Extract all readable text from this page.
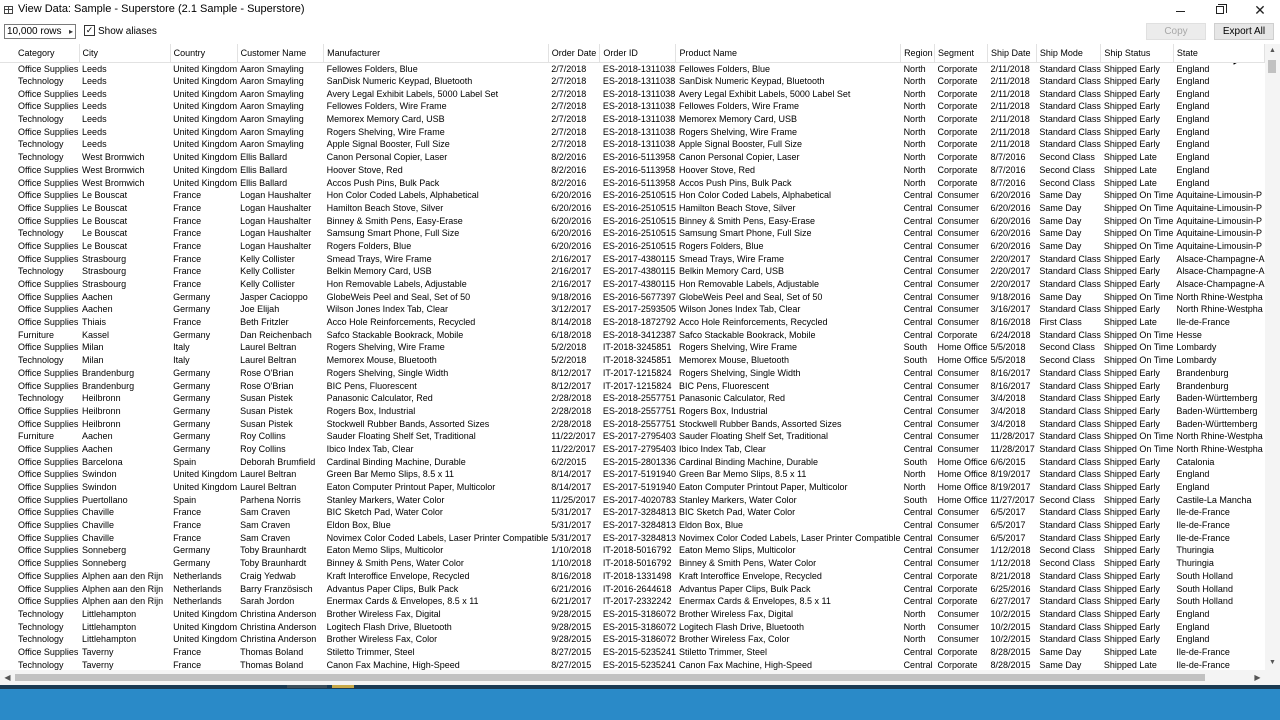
View Data: Sample - Superstore (2.1 Sample - Superstore)	✕
10,000 rows ▸ ✓ Show aliases	Copy	Export All
Category	City	Country	Customer Name	Manufacturer	Order Date	Order ID	Product Name	Region	Segment	Ship Date	Ship Mode	Ship Status	State
Office Supplies	Leeds	United Kingdom	Aaron Smayling	Fellowes Folders, Blue	2/7/2018	ES-2018-1311038	Fellowes Folders, Blue	North	Corporate	2/11/2018	Standard Class	Shipped Early	England
Technology	Leeds	United Kingdom	Aaron Smayling	SanDisk Numeric Keypad, Bluetooth	2/7/2018	ES-2018-1311038	SanDisk Numeric Keypad, Bluetooth	North	Corporate	2/11/2018	Standard Class	Shipped Early	England
Office Supplies	Leeds	United Kingdom	Aaron Smayling	Avery Legal Exhibit Labels, 5000 Label Set	2/7/2018	ES-2018-1311038	Avery Legal Exhibit Labels, 5000 Label Set	North	Corporate	2/11/2018	Standard Class	Shipped Early	England
Office Supplies	Leeds	United Kingdom	Aaron Smayling	Fellowes Folders, Wire Frame	2/7/2018	ES-2018-1311038	Fellowes Folders, Wire Frame	North	Corporate	2/11/2018	Standard Class	Shipped Early	England
Technology	Leeds	United Kingdom	Aaron Smayling	Memorex Memory Card, USB	2/7/2018	ES-2018-1311038	Memorex Memory Card, USB	North	Corporate	2/11/2018	Standard Class	Shipped Early	England
Office Supplies	Leeds	United Kingdom	Aaron Smayling	Rogers Shelving, Wire Frame	2/7/2018	ES-2018-1311038	Rogers Shelving, Wire Frame	North	Corporate	2/11/2018	Standard Class	Shipped Early	England
Technology	Leeds	United Kingdom	Aaron Smayling	Apple Signal Booster, Full Size	2/7/2018	ES-2018-1311038	Apple Signal Booster, Full Size	North	Corporate	2/11/2018	Standard Class	Shipped Early	England
Technology	West Bromwich	United Kingdom	Ellis Ballard	Canon Personal Copier, Laser	8/2/2016	ES-2016-5113958	Canon Personal Copier, Laser	North	Corporate	8/7/2016	Second Class	Shipped Late	England
Office Supplies	West Bromwich	United Kingdom	Ellis Ballard	Hoover Stove, Red	8/2/2016	ES-2016-5113958	Hoover Stove, Red	North	Corporate	8/7/2016	Second Class	Shipped Late	England
Office Supplies	West Bromwich	United Kingdom	Ellis Ballard	Accos Push Pins, Bulk Pack	8/2/2016	ES-2016-5113958	Accos Push Pins, Bulk Pack	North	Corporate	8/7/2016	Second Class	Shipped Late	England
Office Supplies	Le Bouscat	France	Logan Haushalter	Hon Color Coded Labels, Alphabetical	6/20/2016	ES-2016-2510515	Hon Color Coded Labels, Alphabetical	Central	Consumer	6/20/2016	Same Day	Shipped On Time	Aquitaine-Limousin-P
Office Supplies	Le Bouscat	France	Logan Haushalter	Hamilton Beach Stove, Silver	6/20/2016	ES-2016-2510515	Hamilton Beach Stove, Silver	Central	Consumer	6/20/2016	Same Day	Shipped On Time	Aquitaine-Limousin-P
Office Supplies	Le Bouscat	France	Logan Haushalter	Binney & Smith Pens, Easy-Erase	6/20/2016	ES-2016-2510515	Binney & Smith Pens, Easy-Erase	Central	Consumer	6/20/2016	Same Day	Shipped On Time	Aquitaine-Limousin-P
Technology	Le Bouscat	France	Logan Haushalter	Samsung Smart Phone, Full Size	6/20/2016	ES-2016-2510515	Samsung Smart Phone, Full Size	Central	Consumer	6/20/2016	Same Day	Shipped On Time	Aquitaine-Limousin-P
Office Supplies	Le Bouscat	France	Logan Haushalter	Rogers Folders, Blue	6/20/2016	ES-2016-2510515	Rogers Folders, Blue	Central	Consumer	6/20/2016	Same Day	Shipped On Time	Aquitaine-Limousin-P
Office Supplies	Strasbourg	France	Kelly Collister	Smead Trays, Wire Frame	2/16/2017	ES-2017-4380115	Smead Trays, Wire Frame	Central	Consumer	2/20/2017	Standard Class	Shipped Early	Alsace-Champagne-A
Technology	Strasbourg	France	Kelly Collister	Belkin Memory Card, USB	2/16/2017	ES-2017-4380115	Belkin Memory Card, USB	Central	Consumer	2/20/2017	Standard Class	Shipped Early	Alsace-Champagne-A
Office Supplies	Strasbourg	France	Kelly Collister	Hon Removable Labels, Adjustable	2/16/2017	ES-2017-4380115	Hon Removable Labels, Adjustable	Central	Consumer	2/20/2017	Standard Class	Shipped Early	Alsace-Champagne-A
Office Supplies	Aachen	Germany	Jasper Cacioppo	GlobeWeis Peel and Seal, Set of 50	9/18/2016	ES-2016-5677397	GlobeWeis Peel and Seal, Set of 50	Central	Consumer	9/18/2016	Same Day	Shipped On Time	North Rhine-Westpha
Office Supplies	Aachen	Germany	Joe Elijah	Wilson Jones Index Tab, Clear	3/12/2017	ES-2017-2593505	Wilson Jones Index Tab, Clear	Central	Consumer	3/16/2017	Standard Class	Shipped Early	North Rhine-Westpha
Office Supplies	Thiais	France	Beth Fritzler	Acco Hole Reinforcements, Recycled	8/14/2018	ES-2018-1872792	Acco Hole Reinforcements, Recycled	Central	Consumer	8/16/2018	First Class	Shipped Late	Ile-de-France
Furniture	Kassel	Germany	Dan Reichenbach	Safco Stackable Bookrack, Mobile	6/18/2018	ES-2018-3412387	Safco Stackable Bookrack, Mobile	Central	Corporate	6/24/2018	Standard Class	Shipped On Time	Hesse
Office Supplies	Milan	Italy	Laurel Beltran	Rogers Shelving, Wire Frame	5/2/2018	IT-2018-3245851	Rogers Shelving, Wire Frame	South	Home Office	5/5/2018	Second Class	Shipped On Time	Lombardy
Technology	Milan	Italy	Laurel Beltran	Memorex Mouse, Bluetooth	5/2/2018	IT-2018-3245851	Memorex Mouse, Bluetooth	South	Home Office	5/5/2018	Second Class	Shipped On Time	Lombardy
Office Supplies	Brandenburg	Germany	Rose O'Brian	Rogers Shelving, Single Width	8/12/2017	IT-2017-1215824	Rogers Shelving, Single Width	Central	Consumer	8/16/2017	Standard Class	Shipped Early	Brandenburg
Office Supplies	Brandenburg	Germany	Rose O'Brian	BIC Pens, Fluorescent	8/12/2017	IT-2017-1215824	BIC Pens, Fluorescent	Central	Consumer	8/16/2017	Standard Class	Shipped Early	Brandenburg
Technology	Heilbronn	Germany	Susan Pistek	Panasonic Calculator, Red	2/28/2018	ES-2018-2557751	Panasonic Calculator, Red	Central	Consumer	3/4/2018	Standard Class	Shipped Early	Baden-Württemberg
Office Supplies	Heilbronn	Germany	Susan Pistek	Rogers Box, Industrial	2/28/2018	ES-2018-2557751	Rogers Box, Industrial	Central	Consumer	3/4/2018	Standard Class	Shipped Early	Baden-Württemberg
Office Supplies	Heilbronn	Germany	Susan Pistek	Stockwell Rubber Bands, Assorted Sizes	2/28/2018	ES-2018-2557751	Stockwell Rubber Bands, Assorted Sizes	Central	Consumer	3/4/2018	Standard Class	Shipped Early	Baden-Württemberg
Furniture	Aachen	Germany	Roy Collins	Sauder Floating Shelf Set, Traditional	11/22/2017	ES-2017-2795403	Sauder Floating Shelf Set, Traditional	Central	Consumer	11/28/2017	Standard Class	Shipped On Time	North Rhine-Westpha
Office Supplies	Aachen	Germany	Roy Collins	Ibico Index Tab, Clear	11/22/2017	ES-2017-2795403	Ibico Index Tab, Clear	Central	Consumer	11/28/2017	Standard Class	Shipped On Time	North Rhine-Westpha
Office Supplies	Barcelona	Spain	Deborah Brumfield	Cardinal Binding Machine, Durable	6/2/2015	ES-2015-2801336	Cardinal Binding Machine, Durable	South	Home Office	6/6/2015	Standard Class	Shipped Early	Catalonia
Office Supplies	Swindon	United Kingdom	Laurel Beltran	Green Bar Memo Slips, 8.5 x 11	8/14/2017	ES-2017-5191940	Green Bar Memo Slips, 8.5 x 11	North	Home Office	8/19/2017	Standard Class	Shipped Early	England
Office Supplies	Swindon	United Kingdom	Laurel Beltran	Eaton Computer Printout Paper, Multicolor	8/14/2017	ES-2017-5191940	Eaton Computer Printout Paper, Multicolor	North	Home Office	8/19/2017	Standard Class	Shipped Early	England
Office Supplies	Puertollano	Spain	Parhena Norris	Stanley Markers, Water Color	11/25/2017	ES-2017-4020783	Stanley Markers, Water Color	South	Home Office	11/27/2017	Second Class	Shipped Early	Castile-La Mancha
Office Supplies	Chaville	France	Sam Craven	BIC Sketch Pad, Water Color	5/31/2017	ES-2017-3284813	BIC Sketch Pad, Water Color	Central	Consumer	6/5/2017	Standard Class	Shipped Early	Ile-de-France
Office Supplies	Chaville	France	Sam Craven	Eldon Box, Blue	5/31/2017	ES-2017-3284813	Eldon Box, Blue	Central	Consumer	6/5/2017	Standard Class	Shipped Early	Ile-de-France
Office Supplies	Chaville	France	Sam Craven	Novimex Color Coded Labels, Laser Printer Compatible	5/31/2017	ES-2017-3284813	Novimex Color Coded Labels, Laser Printer Compatible	Central	Consumer	6/5/2017	Standard Class	Shipped Early	Ile-de-France
Office Supplies	Sonneberg	Germany	Toby Braunhardt	Eaton Memo Slips, Multicolor	1/10/2018	IT-2018-5016792	Eaton Memo Slips, Multicolor	Central	Consumer	1/12/2018	Second Class	Shipped Early	Thuringia
Office Supplies	Sonneberg	Germany	Toby Braunhardt	Binney & Smith Pens, Water Color	1/10/2018	IT-2018-5016792	Binney & Smith Pens, Water Color	Central	Consumer	1/12/2018	Second Class	Shipped Early	Thuringia
Office Supplies	Alphen aan den Rijn	Netherlands	Craig Yedwab	Kraft Interoffice Envelope, Recycled	8/16/2018	IT-2018-1331498	Kraft Interoffice Envelope, Recycled	Central	Corporate	8/21/2018	Standard Class	Shipped Early	South Holland
Office Supplies	Alphen aan den Rijn	Netherlands	Barry Französisch	Advantus Paper Clips, Bulk Pack	6/21/2016	IT-2016-2644618	Advantus Paper Clips, Bulk Pack	Central	Corporate	6/25/2016	Standard Class	Shipped Early	South Holland
Office Supplies	Alphen aan den Rijn	Netherlands	Sarah Jordon	Enermax Cards & Envelopes, 8.5 x 11	6/21/2017	IT-2017-2332242	Enermax Cards & Envelopes, 8.5 x 11	Central	Corporate	6/27/2017	Standard Class	Shipped Early	South Holland
Technology	Littlehampton	United Kingdom	Christina Anderson	Brother Wireless Fax, Digital	9/28/2015	ES-2015-3186072	Brother Wireless Fax, Digital	North	Consumer	10/2/2015	Standard Class	Shipped Early	England
Technology	Littlehampton	United Kingdom	Christina Anderson	Logitech Flash Drive, Bluetooth	9/28/2015	ES-2015-3186072	Logitech Flash Drive, Bluetooth	North	Consumer	10/2/2015	Standard Class	Shipped Early	England
Technology	Littlehampton	United Kingdom	Christina Anderson	Brother Wireless Fax, Color	9/28/2015	ES-2015-3186072	Brother Wireless Fax, Color	North	Consumer	10/2/2015	Standard Class	Shipped Early	England
Office Supplies	Taverny	France	Thomas Boland	Stiletto Trimmer, Steel	8/27/2015	ES-2015-5235241	Stiletto Trimmer, Steel	Central	Corporate	8/28/2015	Same Day	Shipped Late	Ile-de-France
Technology	Taverny	France	Thomas Boland	Canon Fax Machine, High-Speed	8/27/2015	ES-2015-5235241	Canon Fax Machine, High-Speed	Central	Corporate	8/28/2015	Same Day	Shipped Late	Ile-de-France
▲
▼
◀	▶
